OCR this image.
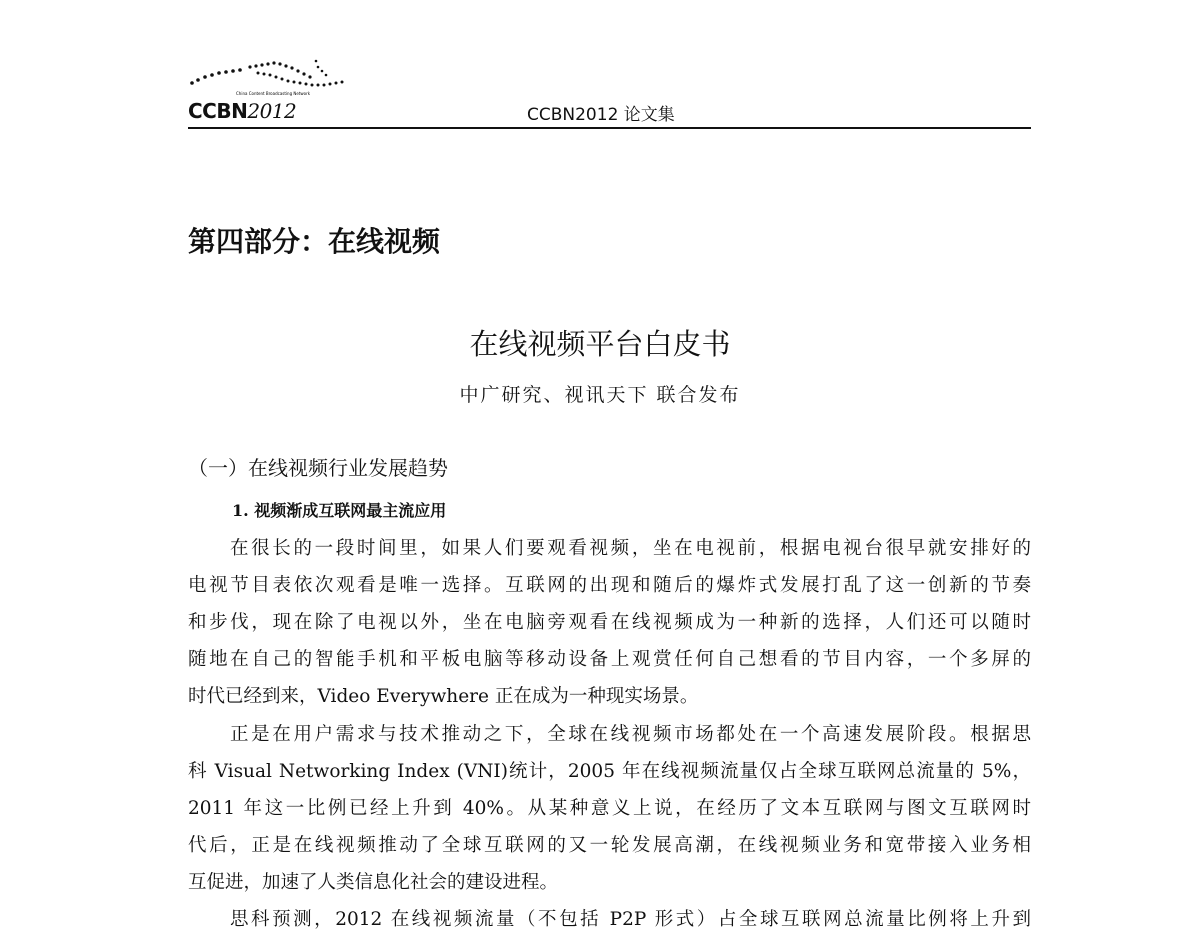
China Content Broadcasting Network
CCBN2012	CCBN2012 论文集
第四部分：在线视频
在线视频平台白皮书
中广研究、视讯天下 联合发布
（一）在线视频行业发展趋势
1. 视频渐成互联网最主流应用
在很长的一段时间里，如果人们要观看视频，坐在电视前，根据电视台很早就安排好的
电视节目表依次观看是唯一选择。互联网的出现和随后的爆炸式发展打乱了这一创新的节奏
和步伐，现在除了电视以外，坐在电脑旁观看在线视频成为一种新的选择，人们还可以随时
随地在自己的智能手机和平板电脑等移动设备上观赏任何自己想看的节目内容，一个多屏的
时代已经到来，Video Everywhere 正在成为一种现实场景。
正是在用户需求与技术推动之下，全球在线视频市场都处在一个高速发展阶段。根据思
科 Visual Networking Index (VNI)统计，2005 年在线视频流量仅占全球互联网总流量的 5%，
2011 年这一比例已经上升到 40%。从某种意义上说，在经历了文本互联网与图文互联网时
代后，正是在线视频推动了全球互联网的又一轮发展高潮，在线视频业务和宽带接入业务相
互促进，加速了人类信息化社会的建设进程。
思科预测，2012 在线视频流量（不包括 P2P 形式）占全球互联网总流量比例将上升到
